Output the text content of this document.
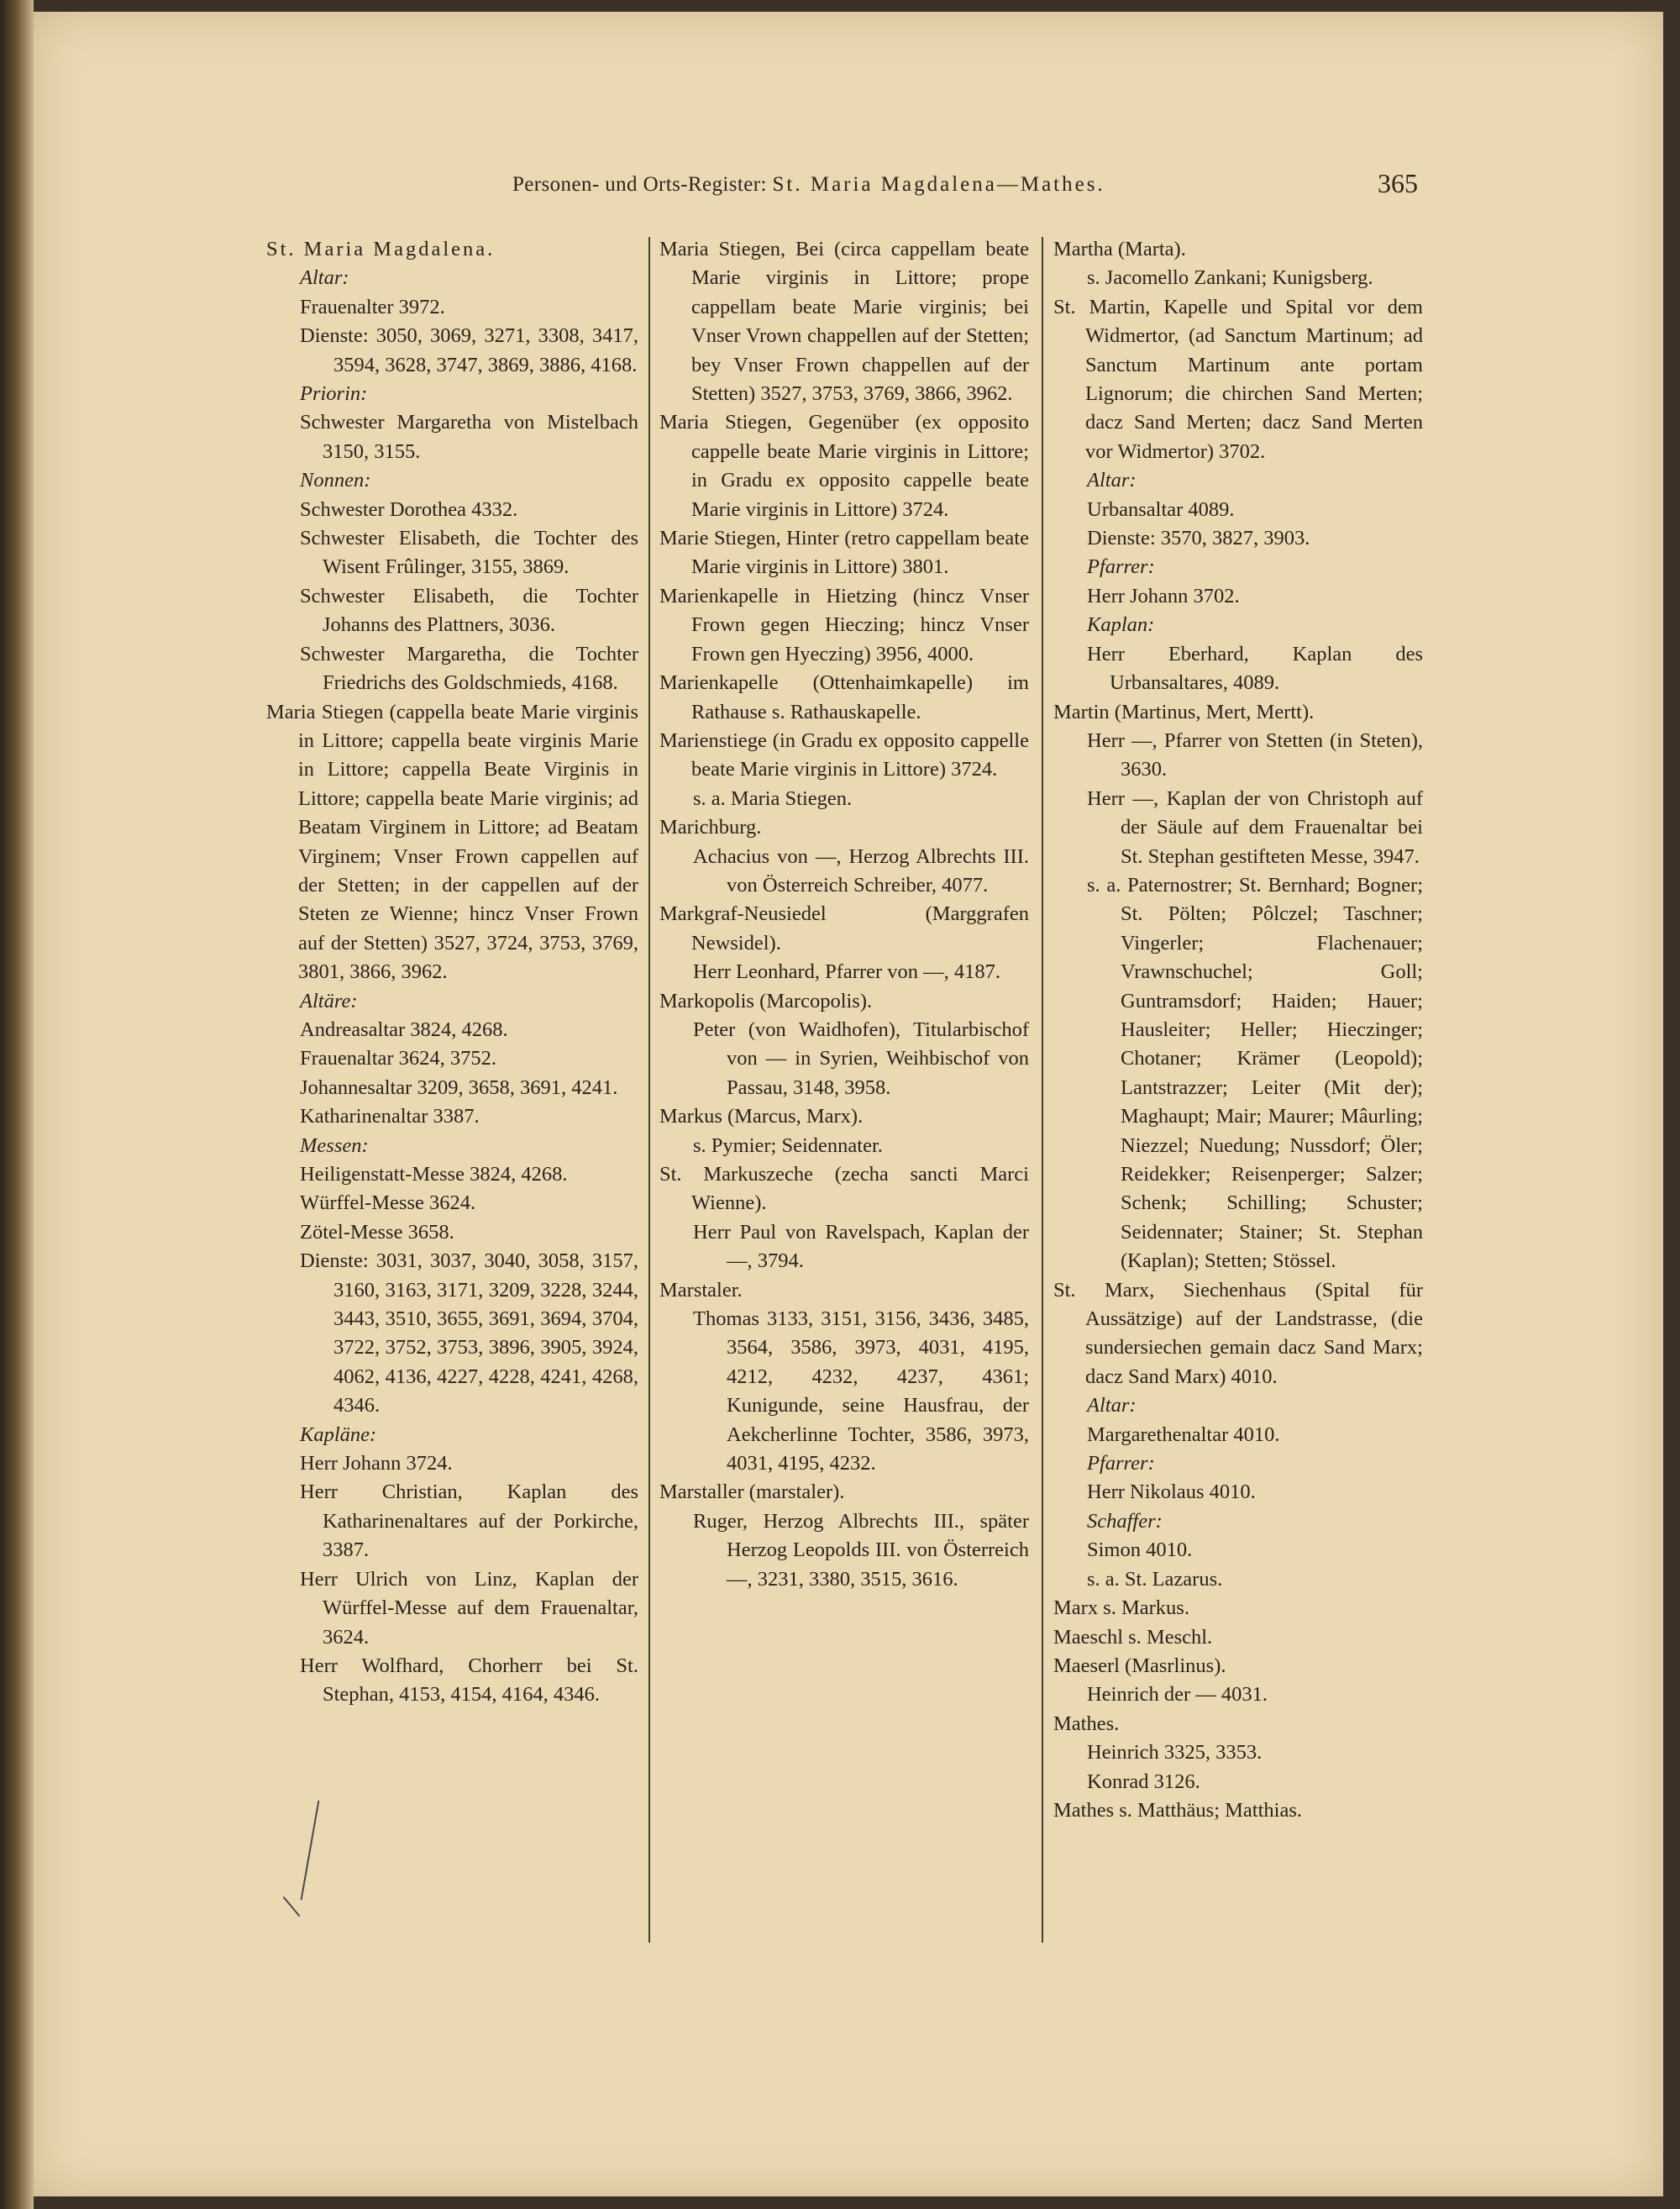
Personen- und Orts-Register: St. Maria Magdalena—Mathes.	365
St. Maria Magdalena.
Altar:
Frauenalter 3972.
Dienste: 3050, 3069, 3271, 3308, 3417, 3594, 3628, 3747, 3869, 3886, 4168.
Priorin:
Schwester Margaretha von Mistelbach 3150, 3155.
Nonnen:
Schwester Dorothea 4332.
Schwester Elisabeth, die Tochter des Wisent Frûlinger, 3155, 3869.
Schwester Elisabeth, die Tochter Johanns des Plattners, 3036.
Schwester Margaretha, die Tochter Friedrichs des Goldschmieds, 4168.
Maria Stiegen (cappella beate Marie virginis in Littore; cappella beate virginis Marie in Littore; cappella Beate Virginis in Littore; cappella beate Marie virginis; ad Beatam Virginem in Littore; ad Beatam Virginem; Vnser Frown cappellen auf der Stetten; in der cappellen auf der Steten ze Wienne; hincz Vnser Frown auf der Stetten) 3527, 3724, 3753, 3769, 3801, 3866, 3962.
Altäre:
Andreasaltar 3824, 4268.
Frauenaltar 3624, 3752.
Johannesaltar 3209, 3658, 3691, 4241.
Katharinenaltar 3387.
Messen:
Heiligenstatt-Messe 3824, 4268.
Würffel-Messe 3624.
Zötel-Messe 3658.
Dienste: 3031, 3037, 3040, 3058, 3157, 3160, 3163, 3171, 3209, 3228, 3244, 3443, 3510, 3655, 3691, 3694, 3704, 3722, 3752, 3753, 3896, 3905, 3924, 4062, 4136, 4227, 4228, 4241, 4268, 4346.
Kapläne:
Herr Johann 3724.
Herr Christian, Kaplan des Katharinenaltares auf der Porkirche, 3387.
Herr Ulrich von Linz, Kaplan der Würffel-Messe auf dem Frauenaltar, 3624.
Herr Wolfhard, Chorherr bei St. Stephan, 4153, 4154, 4164, 4346.
Maria Stiegen, Bei (circa cappellam beate Marie virginis in Littore; prope cappellam beate Marie virginis; bei Vnser Vrown chappellen auf der Stetten; bey Vnser Frown chappellen auf der Stetten) 3527, 3753, 3769, 3866, 3962.
Maria Stiegen, Gegenüber (ex opposito cappelle beate Marie virginis in Littore; in Gradu ex opposito cappelle beate Marie virginis in Littore) 3724.
Marie Stiegen, Hinter (retro cappellam beate Marie virginis in Littore) 3801.
Marienkapelle in Hietzing (hincz Vnser Frown gegen Hieczing; hincz Vnser Frown gen Hyeczing) 3956, 4000.
Marienkapelle (Ottenhaimkapelle) im Rathause s. Rathauskapelle.
Marienstiege (in Gradu ex opposito cappelle beate Marie virginis in Littore) 3724.
s. a. Maria Stiegen.
Marichburg.
Achacius von —, Herzog Albrechts III. von Österreich Schreiber, 4077.
Markgraf-Neusiedel (Marggrafen Newsidel).
Herr Leonhard, Pfarrer von —, 4187.
Markopolis (Marcopolis).
Peter (von Waidhofen), Titularbischof von — in Syrien, Weihbischof von Passau, 3148, 3958.
Markus (Marcus, Marx).
s. Pymier; Seidennater.
St. Markuszeche (zecha sancti Marci Wienne).
Herr Paul von Ravelspach, Kaplan der —, 3794.
Marstaler.
Thomas 3133, 3151, 3156, 3436, 3485, 3564, 3586, 3973, 4031, 4195, 4212, 4232, 4237, 4361; Kunigunde, seine Hausfrau, der Aekcherlinne Tochter, 3586, 3973, 4031, 4195, 4232.
Marstaller (marstaler).
Ruger, Herzog Albrechts III., später Herzog Leopolds III. von Österreich —, 3231, 3380, 3515, 3616.
Martha (Marta).
s. Jacomello Zankani; Kunigsberg.
St. Martin, Kapelle und Spital vor dem Widmertor, (ad Sanctum Martinum; ad Sanctum Martinum ante portam Lignorum; die chirchen Sand Merten; dacz Sand Merten; dacz Sand Merten vor Widmertor) 3702.
Altar:
Urbansaltar 4089.
Dienste: 3570, 3827, 3903.
Pfarrer:
Herr Johann 3702.
Kaplan:
Herr Eberhard, Kaplan des Urbansaltares, 4089.
Martin (Martinus, Mert, Mertt).
Herr —, Pfarrer von Stetten (in Steten), 3630.
Herr —, Kaplan der von Christoph auf der Säule auf dem Frauenaltar bei St. Stephan gestifteten Messe, 3947.
s. a. Paternostrer; St. Bernhard; Bogner; St. Pölten; Pôlczel; Taschner; Vingerler; Flachenauer; Vrawnschuchel; Goll; Guntramsdorf; Haiden; Hauer; Hausleiter; Heller; Hieczinger; Chotaner; Krämer (Leopold); Lantstrazzer; Leiter (Mit der); Maghaupt; Mair; Maurer; Mâurling; Niezzel; Nuedung; Nussdorf; Öler; Reidekker; Reisenperger; Salzer; Schenk; Schilling; Schuster; Seidennater; Stainer; St. Stephan (Kaplan); Stetten; Stössel.
St. Marx, Siechenhaus (Spital für Aussätzige) auf der Landstrasse, (die sundersiechen gemain dacz Sand Marx; dacz Sand Marx) 4010.
Altar:
Margarethenaltar 4010.
Pfarrer:
Herr Nikolaus 4010.
Schaffer:
Simon 4010.
s. a. St. Lazarus.
Marx s. Markus.
Maeschl s. Meschl.
Maeserl (Masrlinus).
Heinrich der — 4031.
Mathes.
Heinrich 3325, 3353.
Konrad 3126.
Mathes s. Matthäus; Matthias.
